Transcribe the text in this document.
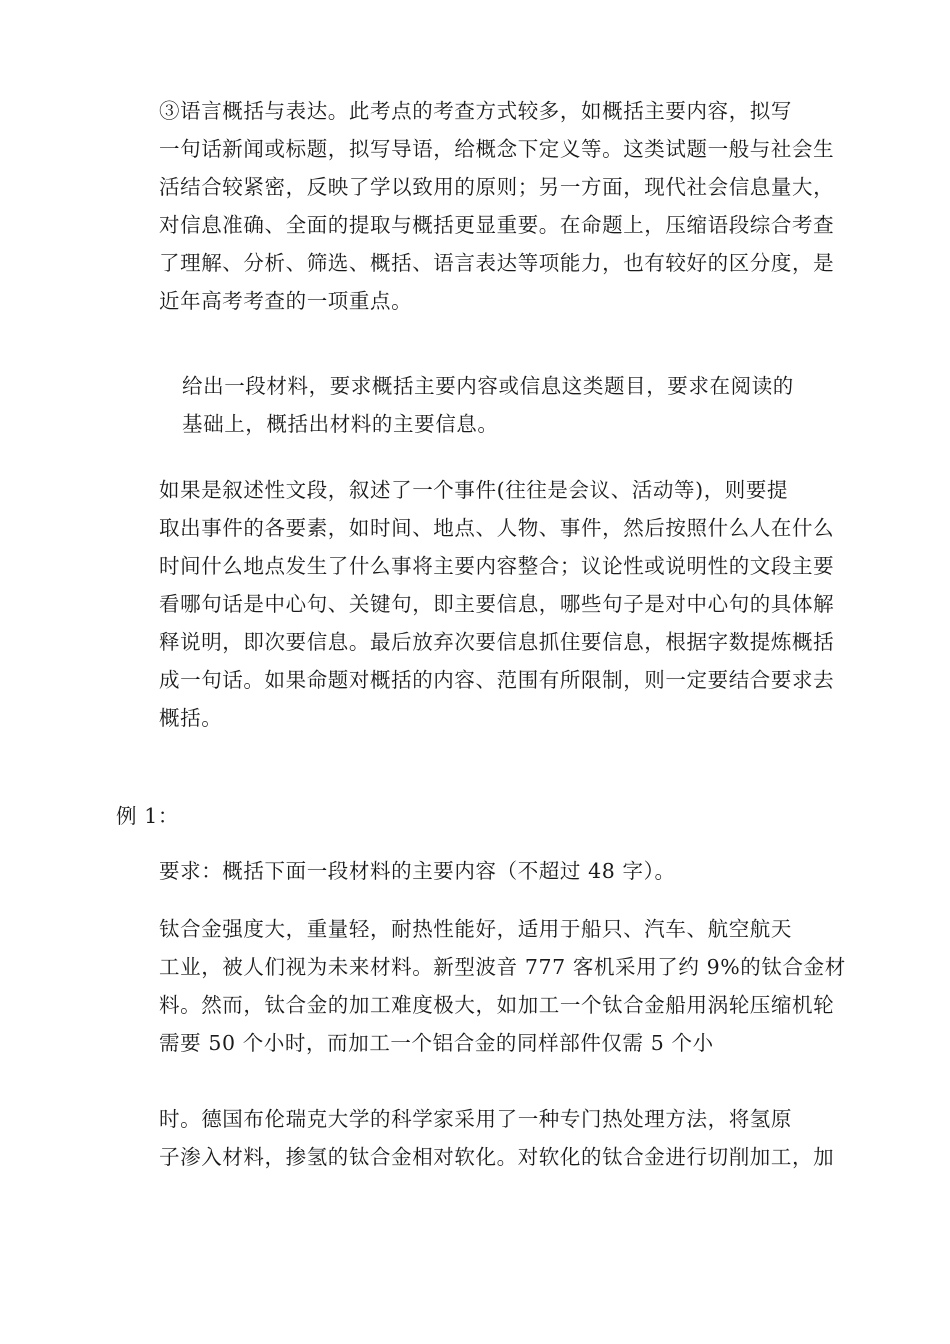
③语言概括与表达。此考点的考查方式较多，如概括主要内容，拟写
一句话新闻或标题，拟写导语，给概念下定义等。这类试题一般与社会生
活结合较紧密，反映了学以致用的原则；另一方面，现代社会信息量大，
对信息准确、全面的提取与概括更显重要。在命题上，压缩语段综合考查
了理解、分析、筛选、概括、语言表达等项能力，也有较好的区分度，是
近年高考考查的一项重点。
给出一段材料，要求概括主要内容或信息这类题目，要求在阅读的
基础上，概括出材料的主要信息。
如果是叙述性文段，叙述了一个事件(往往是会议、活动等)，则要提
取出事件的各要素，如时间、地点、人物、事件，然后按照什么人在什么
时间什么地点发生了什么事将主要内容整合；议论性或说明性的文段主要
看哪句话是中心句、关键句，即主要信息，哪些句子是对中心句的具体解
释说明，即次要信息。最后放弃次要信息抓住要信息，根据字数提炼概括
成一句话。如果命题对概括的内容、范围有所限制，则一定要结合要求去
概括。
例 1：
要求：概括下面一段材料的主要内容（不超过 48 字）。
钛合金强度大，重量轻，耐热性能好，适用于船只、汽车、航空航天
工业，被人们视为未来材料。新型波音 777 客机采用了约 9%的钛合金材
料。然而，钛合金的加工难度极大，如加工一个钛合金船用涡轮压缩机轮
需要 50 个小时，而加工一个铝合金的同样部件仅需 5 个小
时。德国布伦瑞克大学的科学家采用了一种专门热处理方法，将氢原
子渗入材料，掺氢的钛合金相对软化。对软化的钛合金进行切削加工，加
